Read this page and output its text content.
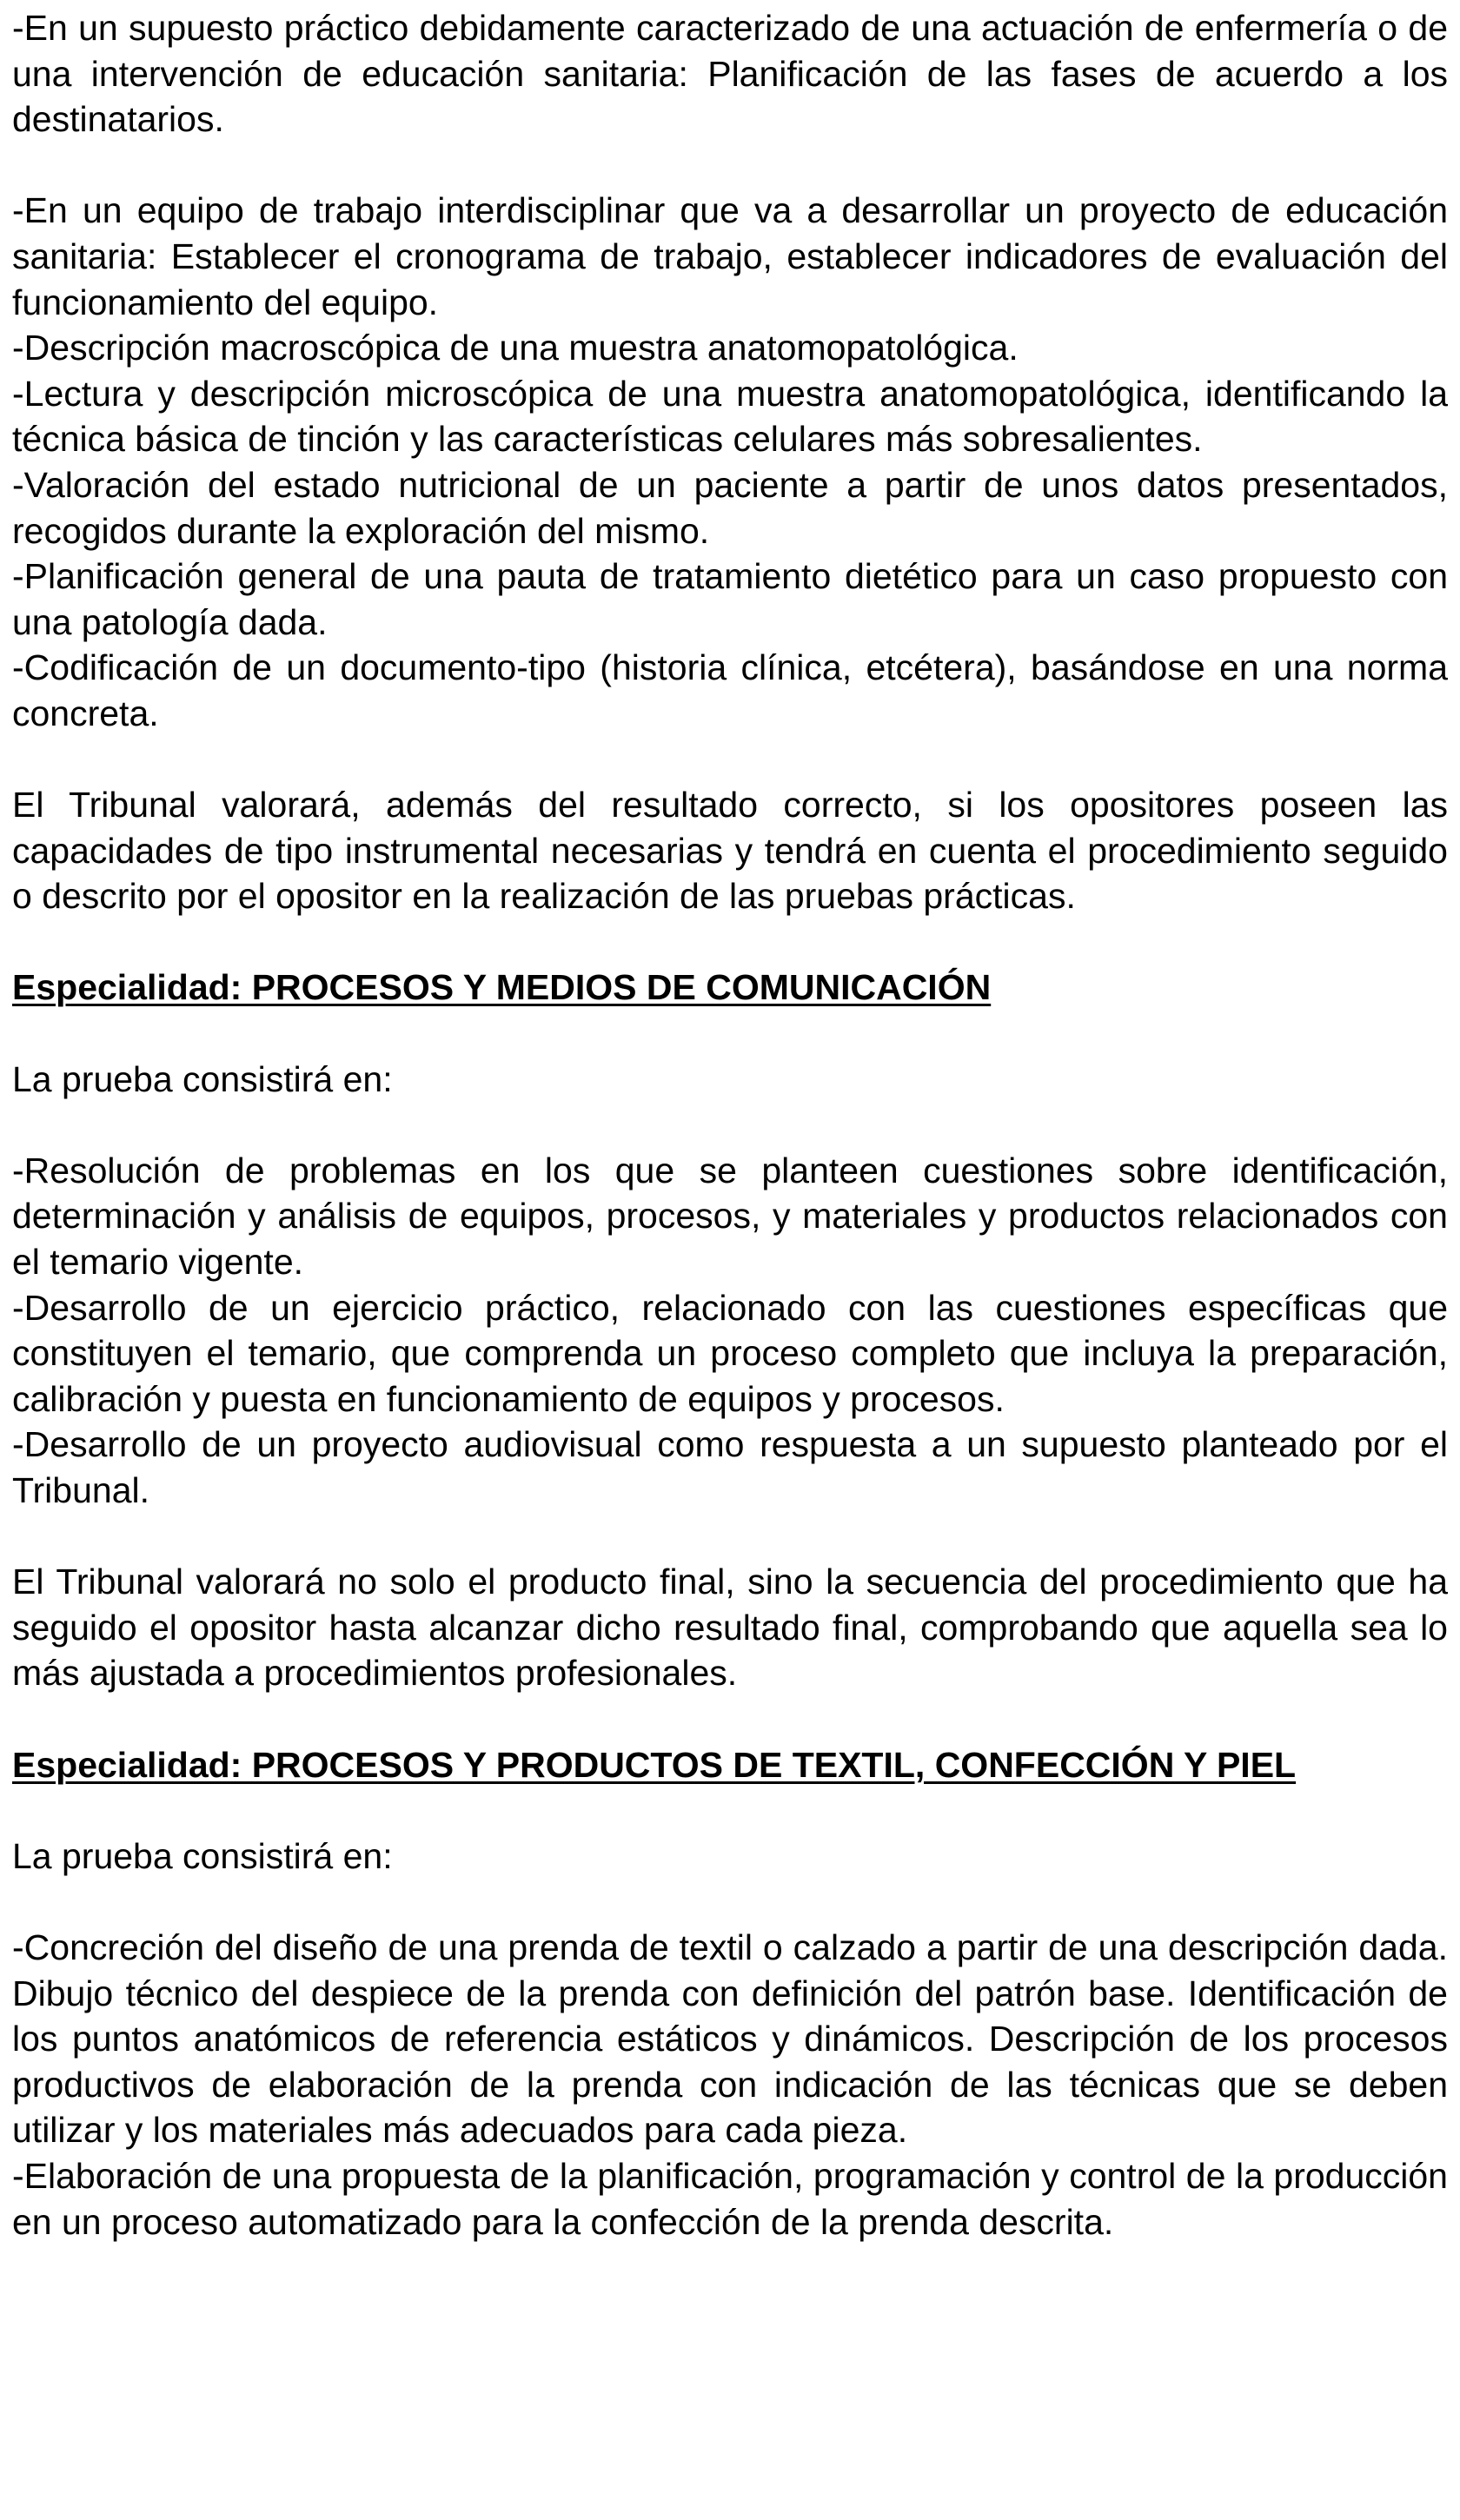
-En un supuesto práctico debidamente caracterizado de una actuación de enfermería o de una intervención de educación sanitaria: Planificación de las fases de acuerdo a los destinatarios.

-En un equipo de trabajo interdisciplinar que va a desarrollar un proyecto de educación sanitaria: Establecer el cronograma de trabajo, establecer indicadores de evaluación del funcionamiento del equipo.

-Descripción macroscópica de una muestra anatomopatológica.

-Lectura y descripción microscópica de una muestra anatomopatológica, identificando la técnica básica de tinción y las características celulares más sobresalientes.

-Valoración del estado nutricional de un paciente a partir de unos datos presentados, recogidos durante la exploración del mismo.

-Planificación general de una pauta de tratamiento dietético para un caso propuesto con una patología dada.

-Codificación de un documento-tipo (historia clínica, etcétera), basándose en una norma concreta.

El Tribunal valorará, además del resultado correcto, si los opositores poseen las capacidades de tipo instrumental necesarias y tendrá en cuenta el procedimiento seguido o descrito por el opositor en la realización de las pruebas prácticas.

Especialidad: PROCESOS Y MEDIOS DE COMUNICACIÓN

La prueba consistirá en:

-Resolución de problemas en los que se planteen cuestiones sobre identificación, determinación y análisis de equipos, procesos, y materiales y productos relacionados con el temario vigente.

-Desarrollo de un ejercicio práctico, relacionado con las cuestiones específicas que constituyen el temario, que comprenda un proceso completo que incluya la preparación, calibración y puesta en funcionamiento de equipos y procesos.

-Desarrollo de un proyecto audiovisual como respuesta a un supuesto planteado por el Tribunal.

El Tribunal valorará no solo el producto final, sino la secuencia del procedimiento que ha seguido el opositor hasta alcanzar dicho resultado final, comprobando que aquella sea lo más ajustada a procedimientos profesionales.

Especialidad: PROCESOS Y PRODUCTOS DE TEXTIL, CONFECCIÓN Y PIEL

La prueba consistirá en:

-Concreción del diseño de una prenda de textil o calzado a partir de una descripción dada. Dibujo técnico del despiece de la prenda con definición del patrón base. Identificación de los puntos anatómicos de referencia estáticos y dinámicos. Descripción de los procesos productivos de elaboración de la prenda con indicación de las técnicas que se deben utilizar y los materiales más adecuados para cada pieza.

-Elaboración de una propuesta de la planificación, programación y control de la producción en un proceso automatizado para la confección de la prenda descrita.
